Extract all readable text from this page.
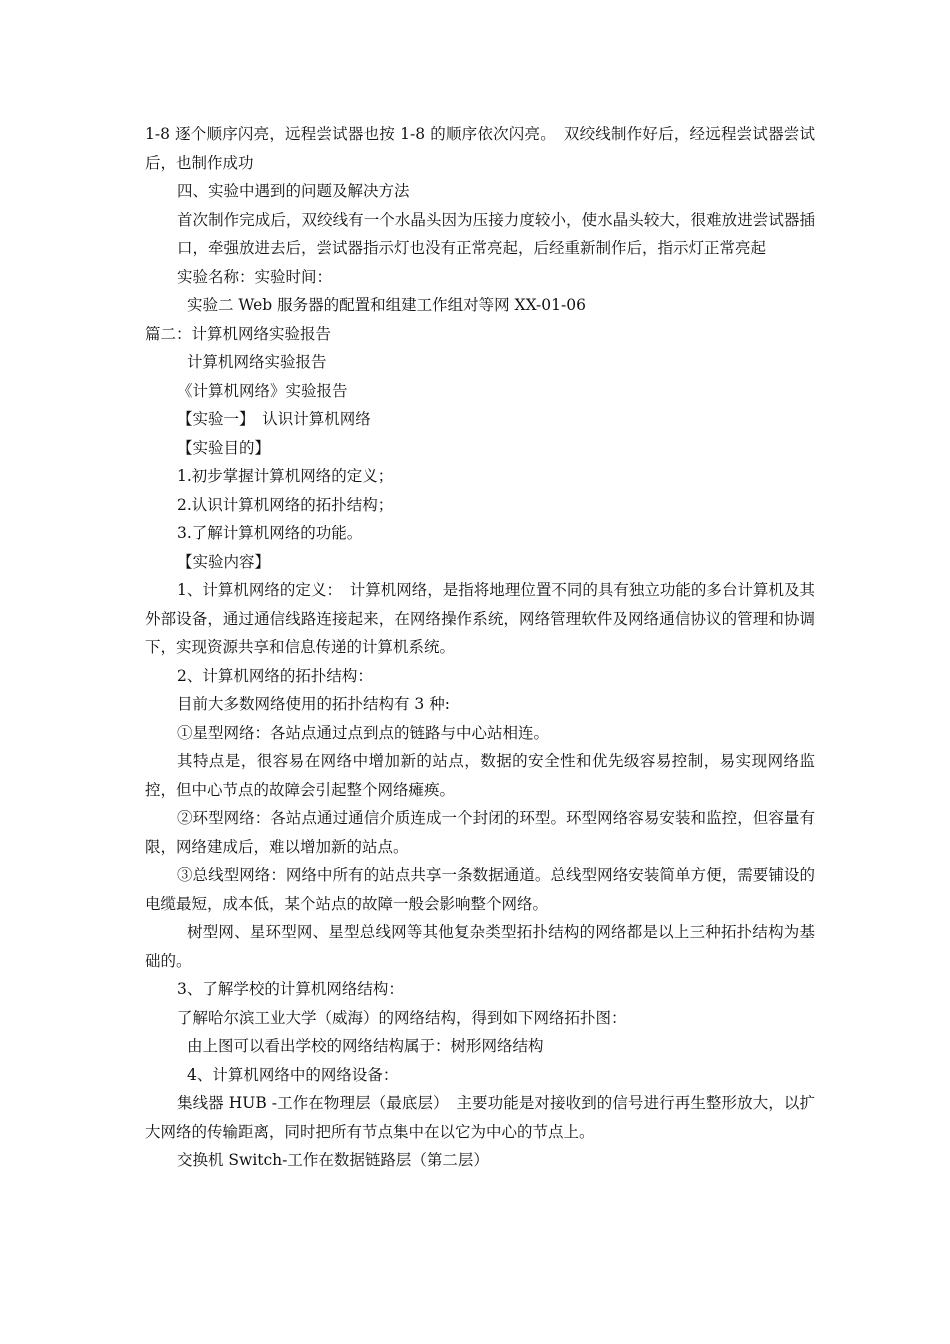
1-8 逐个顺序闪亮，远程尝试器也按 1-8 的顺序依次闪亮。　双绞线制作好后，经远程尝试器尝试后，也制作成功

四、实验中遇到的问题及解决方法

首次制作完成后，双绞线有一个水晶头因为压接力度较小，使水晶头较大，很难放进尝试器插口，牵强放进去后，尝试器指示灯也没有正常亮起，后经重新制作后，指示灯正常亮起

实验名称：实验时间：

实验二 Web 服务器的配置和组建工作组对等网 XX-01-06

篇二：计算机网络实验报告

计算机网络实验报告

《计算机网络》实验报告

【实验一】　认识计算机网络

【实验目的】

1.初步掌握计算机网络的定义；

2.认识计算机网络的拓扑结构；

3.了解计算机网络的功能。

【实验内容】

1、计算机网络的定义：　计算机网络，是指将地理位置不同的具有独立功能的多台计算机及其外部设备，通过通信线路连接起来，在网络操作系统，网络管理软件及网络通信协议的管理和协调下，实现资源共享和信息传递的计算机系统。

2、计算机网络的拓扑结构：

目前大多数网络使用的拓扑结构有 3 种:

①星型网络：各站点通过点到点的链路与中心站相连。

其特点是，很容易在网络中增加新的站点，数据的安全性和优先级容易控制，易实现网络监控，但中心节点的故障会引起整个网络瘫痪。

②环型网络：各站点通过通信介质连成一个封闭的环型。环型网络容易安装和监控，但容量有限，网络建成后，难以增加新的站点。

③总线型网络：网络中所有的站点共享一条数据通道。总线型网络安装简单方便，需要铺设的电缆最短，成本低，某个站点的故障一般会影响整个网络。

树型网、星环型网、星型总线网等其他复杂类型拓扑结构的网络都是以上三种拓扑结构为基础的。

3、了解学校的计算机网络结构：

了解哈尔滨工业大学（威海）的网络结构，得到如下网络拓扑图：

由上图可以看出学校的网络结构属于：树形网络结构

4、计算机网络中的网络设备：

集线器 HUB -工作在物理层（最底层）　主要功能是对接收到的信号进行再生整形放大，以扩大网络的传输距离，同时把所有节点集中在以它为中心的节点上。

交换机 Switch-工作在数据链路层（第二层）
